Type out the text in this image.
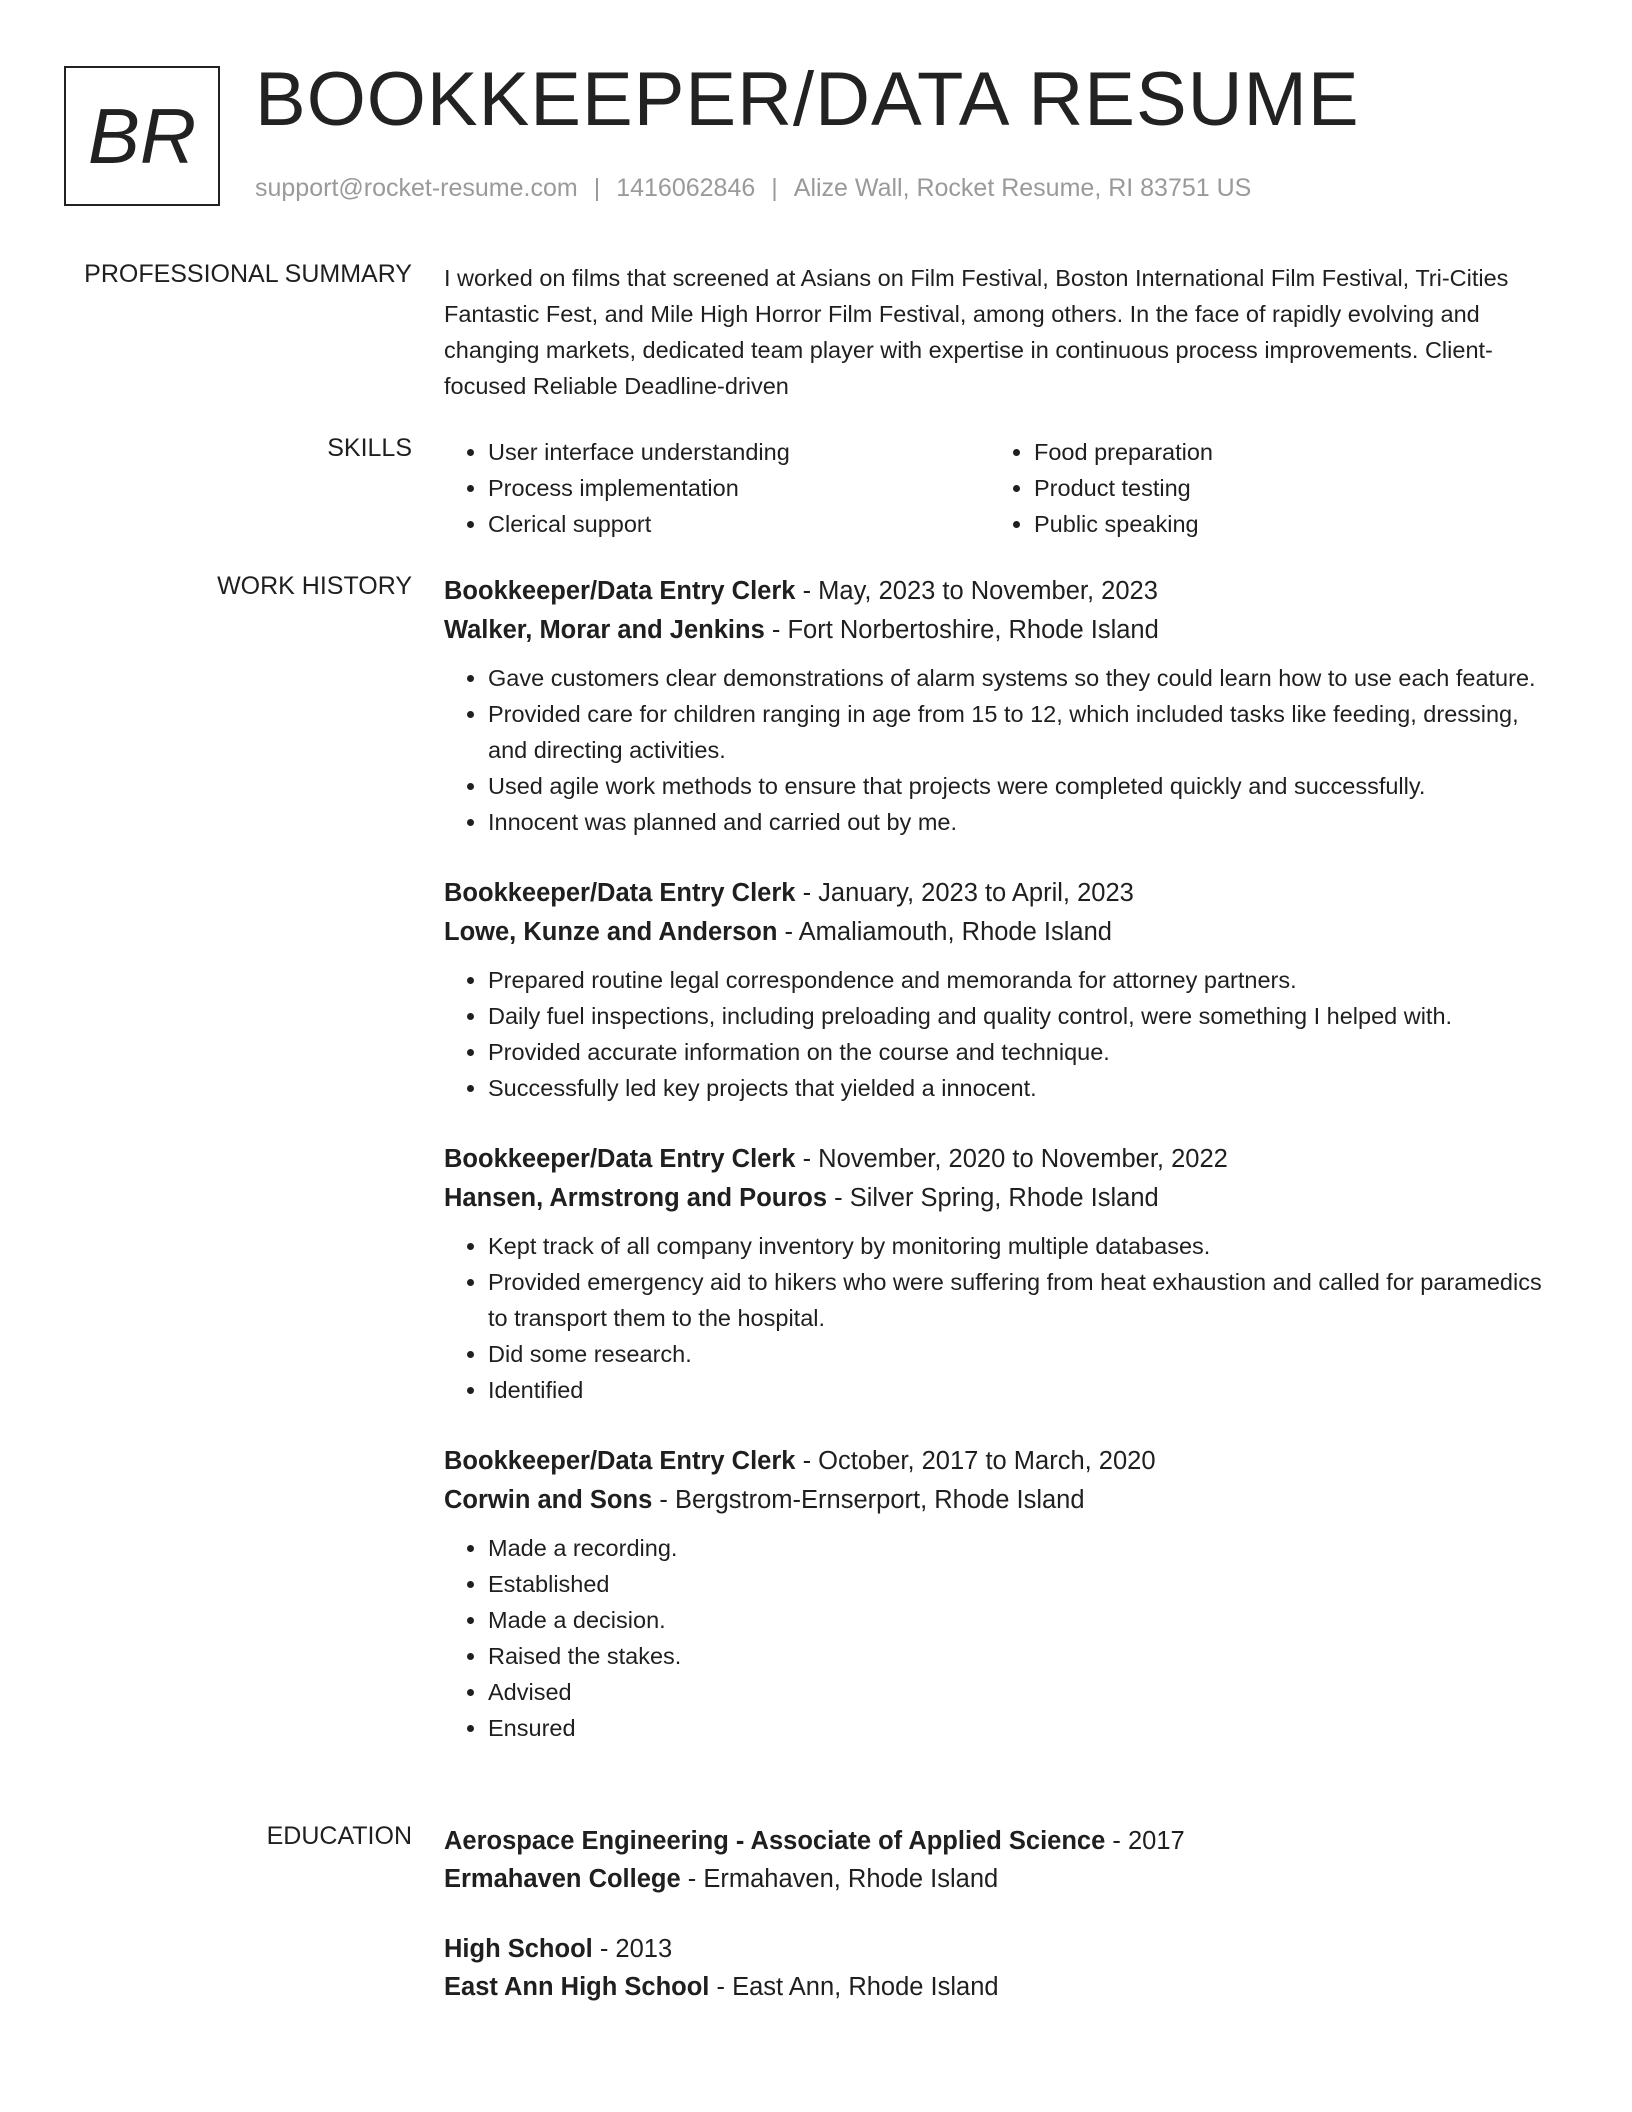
BR BOOKKEEPER/DATA RESUME
support@rocket-resume.com | 1416062846 | Alize Wall, Rocket Resume, RI 83751 US
PROFESSIONAL SUMMARY I worked on films that screened at Asians on Film Festival, Boston International Film Festival, Tri-Cities Fantastic Fest, and Mile High Horror Film Festival, among others. In the face of rapidly evolving and changing markets, dedicated team player with expertise in continuous process improvements. Client-focused Reliable Deadline-driven

SKILLS
•	User interface understanding
• Process implementation
• Clerical support
• Food preparation
• Product testing
• Public speaking
WORK HISTORY Bookkeeper/Data Entry Clerk - May, 2023 to November, 2023
Walker, Morar and Jenkins - Fort Norbertoshire, Rhode Island
• Gave customers clear demonstrations of alarm systems so they could learn how to use each feature.
• Provided care for children ranging in age from 15 to 12, which included tasks like feeding, dressing, and directing activities.
• Used agile work methods to ensure that projects were completed quickly and successfully.
• Innocent was planned and carried out by me.
Bookkeeper/Data Entry Clerk - January, 2023 to April, 2023
Lowe, Kunze and Anderson - Amaliamouth, Rhode Island
• Prepared routine legal correspondence and memoranda for attorney partners.
• Daily fuel inspections, including preloading and quality control, were something I helped with.
• Provided accurate information on the course and technique.
• Successfully led key projects that yielded a innocent.
Bookkeeper/Data Entry Clerk - November, 2020 to November, 2022
Hansen, Armstrong and Pouros - Silver Spring, Rhode Island
• Kept track of all company inventory by monitoring multiple databases.
• Provided emergency aid to hikers who were suffering from heat exhaustion and called for paramedics to transport them to the hospital.
• Did some research.
• Identified
Bookkeeper/Data Entry Clerk - October, 2017 to March, 2020
Corwin and Sons - Bergstrom-Ernserport, Rhode Island
• Made a recording.
• Established
• Made a decision.
• Raised the stakes.
• Advised
• Ensured
EDUCATION Aerospace Engineering - Associate of Applied Science - 2017
Ermahaven College - Ermahaven, Rhode Island
High School - 2013
East Ann High School - East Ann, Rhode Island
